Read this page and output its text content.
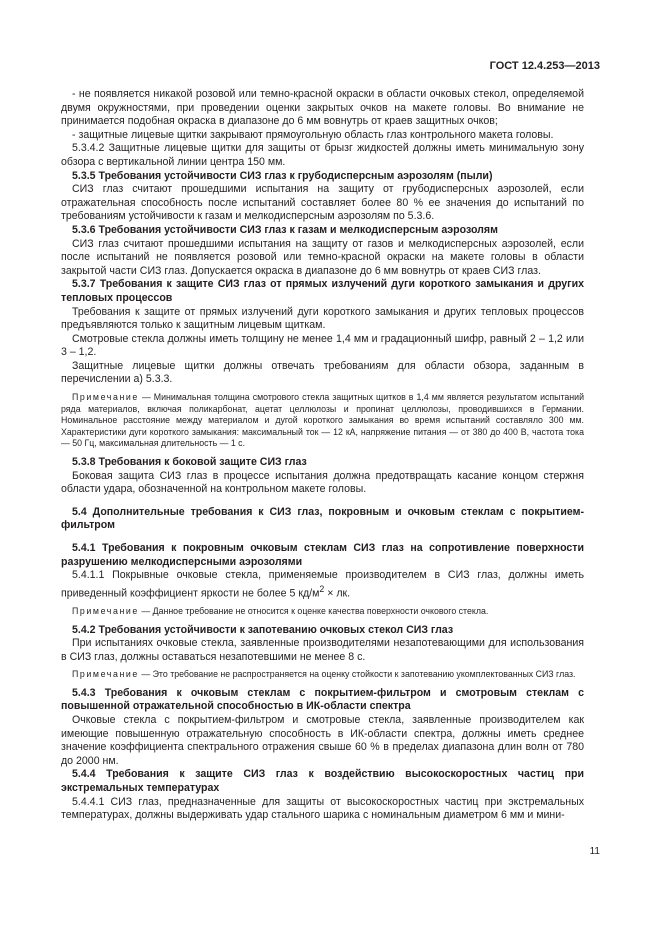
ГОСТ 12.4.253—2013

- не появляется никакой розовой или темно-красной окраски в области очковых стекол, определяемой двумя окружностями, при проведении оценки закрытых очков на макете головы. Во внимание не принимается подобная окраска в диапазоне до 6 мм вовнутрь от краев защитных очков;

- защитные лицевые щитки закрывают прямоугольную область глаз контрольного макета головы.

5.3.4.2 Защитные лицевые щитки для защиты от брызг жидкостей должны иметь минимальную зону обзора с вертикальной линии центра 150 мм.

5.3.5 Требования устойчивости СИЗ глаз к грубодисперсным аэрозолям (пыли)

СИЗ глаз считают прошедшими испытания на защиту от грубодисперсных аэрозолей, если отражательная способность после испытаний составляет более 80 % ее значения до испытаний по требованиям устойчивости к газам и мелкодисперсным аэрозолям по 5.3.6.

5.3.6 Требования устойчивости СИЗ глаз к газам и мелкодисперсным аэрозолям

СИЗ глаз считают прошедшими испытания на защиту от газов и мелкодисперсных аэрозолей, если после испытаний не появляется розовой или темно-красной окраски на макете головы в области закрытой части СИЗ глаз. Допускается окраска в диапазоне до 6 мм вовнутрь от краев СИЗ глаз.

5.3.7 Требования к защите СИЗ глаз от прямых излучений дуги короткого замыкания и других тепловых процессов

Требования к защите от прямых излучений дуги короткого замыкания и других тепловых процессов предъявляются только к защитным лицевым щиткам.

Смотровые стекла должны иметь толщину не менее 1,4 мм и градационный шифр, равный 2 – 1,2 или 3 – 1,2.

Защитные лицевые щитки должны отвечать требованиям для области обзора, заданным в перечислении а) 5.3.3.

Примечание — Минимальная толщина смотрового стекла защитных щитков в 1,4 мм является результатом испытаний ряда материалов, включая поликарбонат, ацетат целлюлозы и пропинат целлюлозы, проводившихся в Германии. Номинальное расстояние между материалом и дугой короткого замыкания во время испытаний составляло 300 мм. Характеристики дуги короткого замыкания: максимальный ток — 12 кА, напряжение питания — от 380 до 400 В, частота тока — 50 Гц, максимальная длительность — 1 с.

5.3.8 Требования к боковой защите СИЗ глаз

Боковая защита СИЗ глаз в процессе испытания должна предотвращать касание концом стержня области удара, обозначенной на контрольном макете головы.

5.4 Дополнительные требования к СИЗ глаз, покровным и очковым стеклам с покрытием-фильтром

5.4.1 Требования к покровным очковым стеклам СИЗ глаз на сопротивление поверхности разрушению мелкодисперсными аэрозолями

5.4.1.1 Покрывные очковые стекла, применяемые производителем в СИЗ глаз, должны иметь приведенный коэффициент яркости не более 5 $кд/м^2$ × лк.

Примечание — Данное требование не относится к оценке качества поверхности очкового стекла.

5.4.2 Требования устойчивости к запотеванию очковых стекол СИЗ глаз

При испытаниях очковые стекла, заявленные производителями незапотевающими для использования в СИЗ глаз, должны оставаться незапотевшими не менее 8 с.

Примечание — Это требование не распространяется на оценку стойкости к запотеванию укомплектованных СИЗ глаз.

5.4.3 Требования к очковым стеклам с покрытием-фильтром и смотровым стеклам с повышенной отражательной способностью в ИК-области спектра

Очковые стекла с покрытием-фильтром и смотровые стекла, заявленные производителем как имеющие повышенную отражательную способность в ИК-области спектра, должны иметь среднее значение коэффициента спектрального отражения свыше 60 % в пределах диапазона длин волн от 780 до 2000 нм.

5.4.4 Требования к защите СИЗ глаз к воздействию высокоскоростных частиц при экстремальных температурах

5.4.4.1 СИЗ глаз, предназначенные для защиты от высокоскоростных частиц при экстремальных температурах, должны выдерживать удар стального шарика с номинальным диаметром 6 мм и мини-

11
